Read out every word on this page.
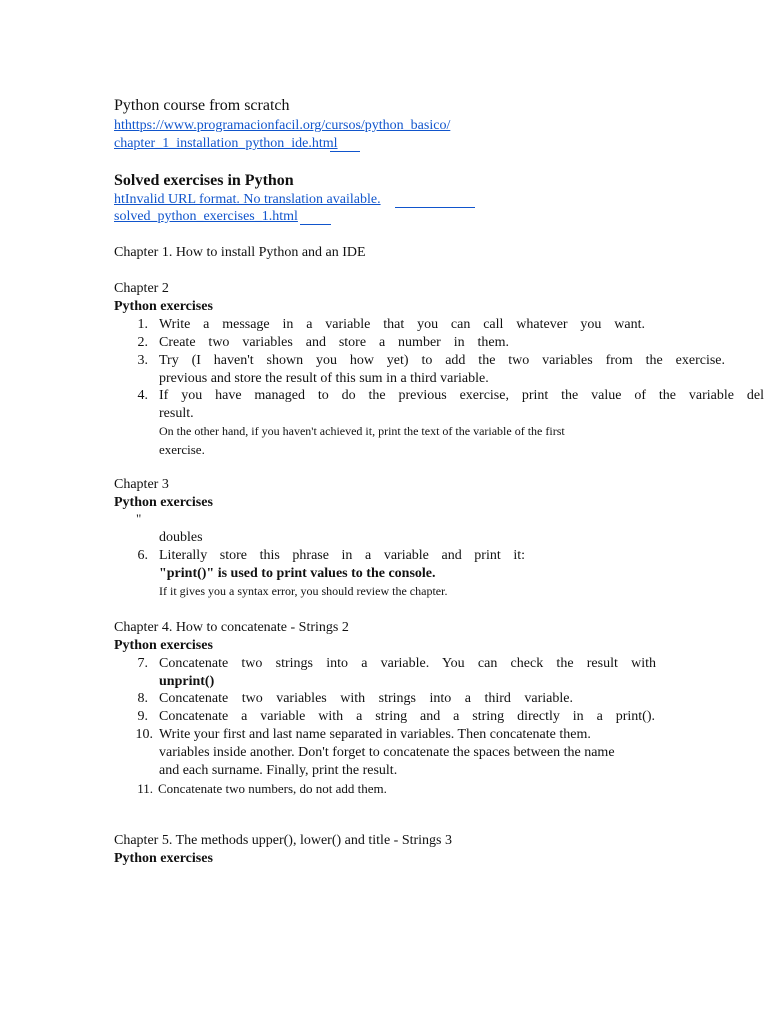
Python course from scratch
hthttps://www.programacionfacil.org/cursos/python_basico/
chapter_1_installation_python_ide.html
Solved exercises in Python
htInvalid URL format. No translation available.
solved_python_exercises_1.html
Chapter 1. How to install Python and an IDE
Chapter 2
Python exercises
1. Write a message in a variable that you can call whatever you want.
2. Create two variables and store a number in them.
3. Try (I haven't shown you how yet) to add the two variables from the exercise.
previous and store the result of this sum in a third variable.
4. If you have managed to do the previous exercise, print the value of the variable del
result.
On the other hand, if you haven't achieved it, print the text of the variable of the first
exercise.
Chapter 3
Python exercises
"
doubles
6. Literally store this phrase in a variable and print it:
"print()" is used to print values to the console.
If it gives you a syntax error, you should review the chapter.
Chapter 4. How to concatenate - Strings 2
Python exercises
7. Concatenate two strings into a variable. You can check the result with
unprint()
8. Concatenate two variables with strings into a third variable.
9. Concatenate a variable with a string and a string directly in a print().
10. Write your first and last name separated in variables. Then concatenate them.
variables inside another. Don't forget to concatenate the spaces between the name
and each surname. Finally, print the result.
11. Concatenate two numbers, do not add them.
Chapter 5. The methods upper(), lower() and title - Strings 3
Python exercises
